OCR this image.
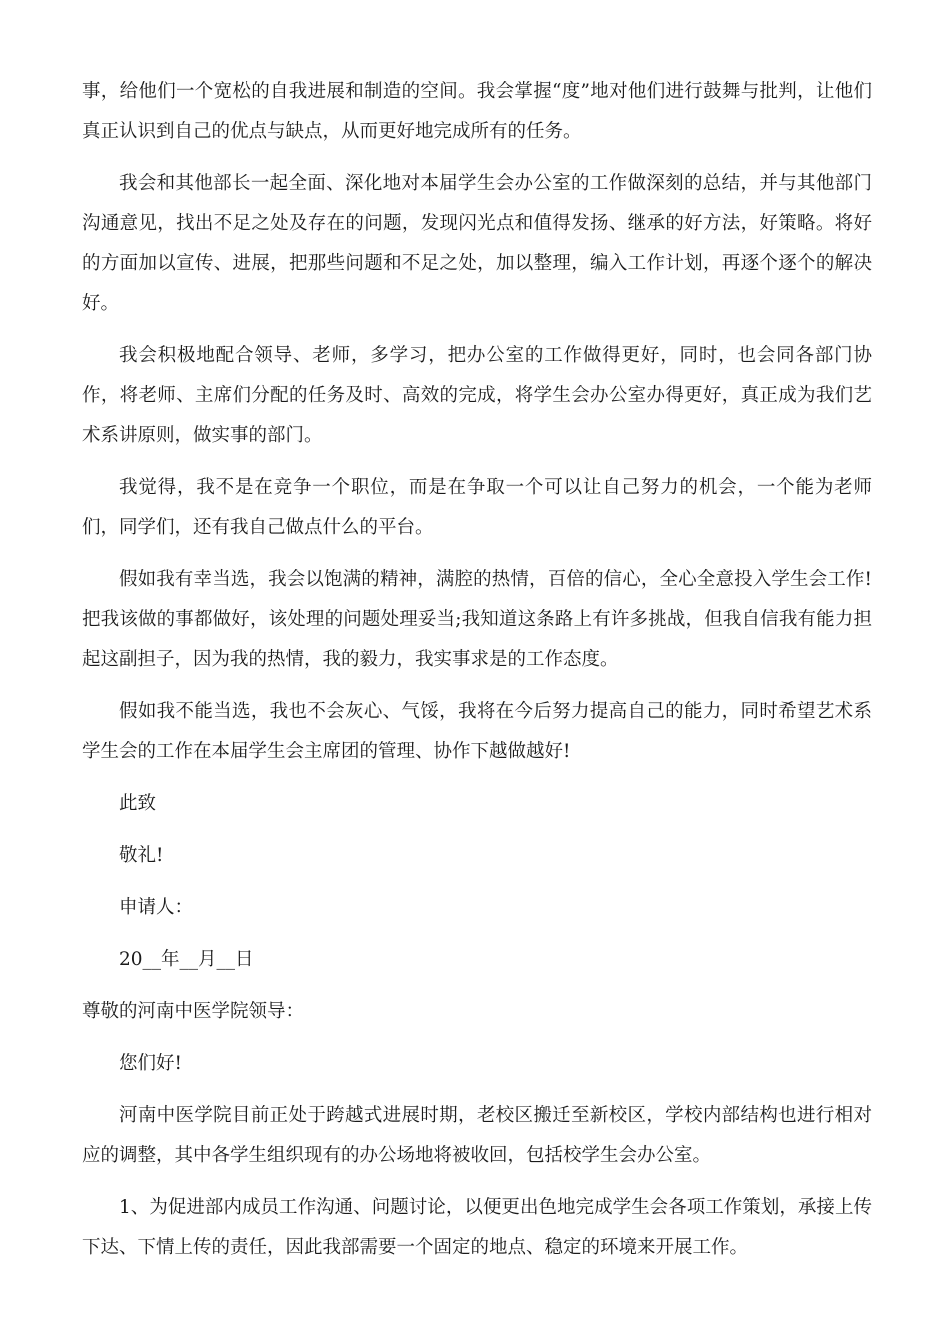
事，给他们一个宽松的自我进展和制造的空间。我会掌握“度”地对他们进行鼓舞与批判，让他们真正认识到自己的优点与缺点，从而更好地完成所有的任务。

我会和其他部长一起全面、深化地对本届学生会办公室的工作做深刻的总结，并与其他部门沟通意见，找出不足之处及存在的问题，发现闪光点和值得发扬、继承的好方法，好策略。将好的方面加以宣传、进展，把那些问题和不足之处，加以整理，编入工作计划，再逐个逐个的解决好。

我会积极地配合领导、老师，多学习，把办公室的工作做得更好，同时，也会同各部门协作，将老师、主席们分配的任务及时、高效的完成，将学生会办公室办得更好，真正成为我们艺术系讲原则，做实事的部门。

我觉得，我不是在竞争一个职位，而是在争取一个可以让自己努力的机会，一个能为老师们，同学们，还有我自己做点什么的平台。

假如我有幸当选，我会以饱满的精神，满腔的热情，百倍的信心，全心全意投入学生会工作!把我该做的事都做好，该处理的问题处理妥当;我知道这条路上有许多挑战，但我自信我有能力担起这副担子，因为我的热情，我的毅力，我实事求是的工作态度。

假如我不能当选，我也不会灰心、气馁，我将在今后努力提高自己的能力，同时希望艺术系学生会的工作在本届学生会主席团的管理、协作下越做越好!

此致

敬礼!

申请人：

20__年__月__日

尊敬的河南中医学院领导：

您们好!

河南中医学院目前正处于跨越式进展时期，老校区搬迁至新校区，学校内部结构也进行相对应的调整，其中各学生组织现有的办公场地将被收回，包括校学生会办公室。

1、为促进部内成员工作沟通、问题讨论，以便更出色地完成学生会各项工作策划，承接上传下达、下情上传的责任，因此我部需要一个固定的地点、稳定的环境来开展工作。
